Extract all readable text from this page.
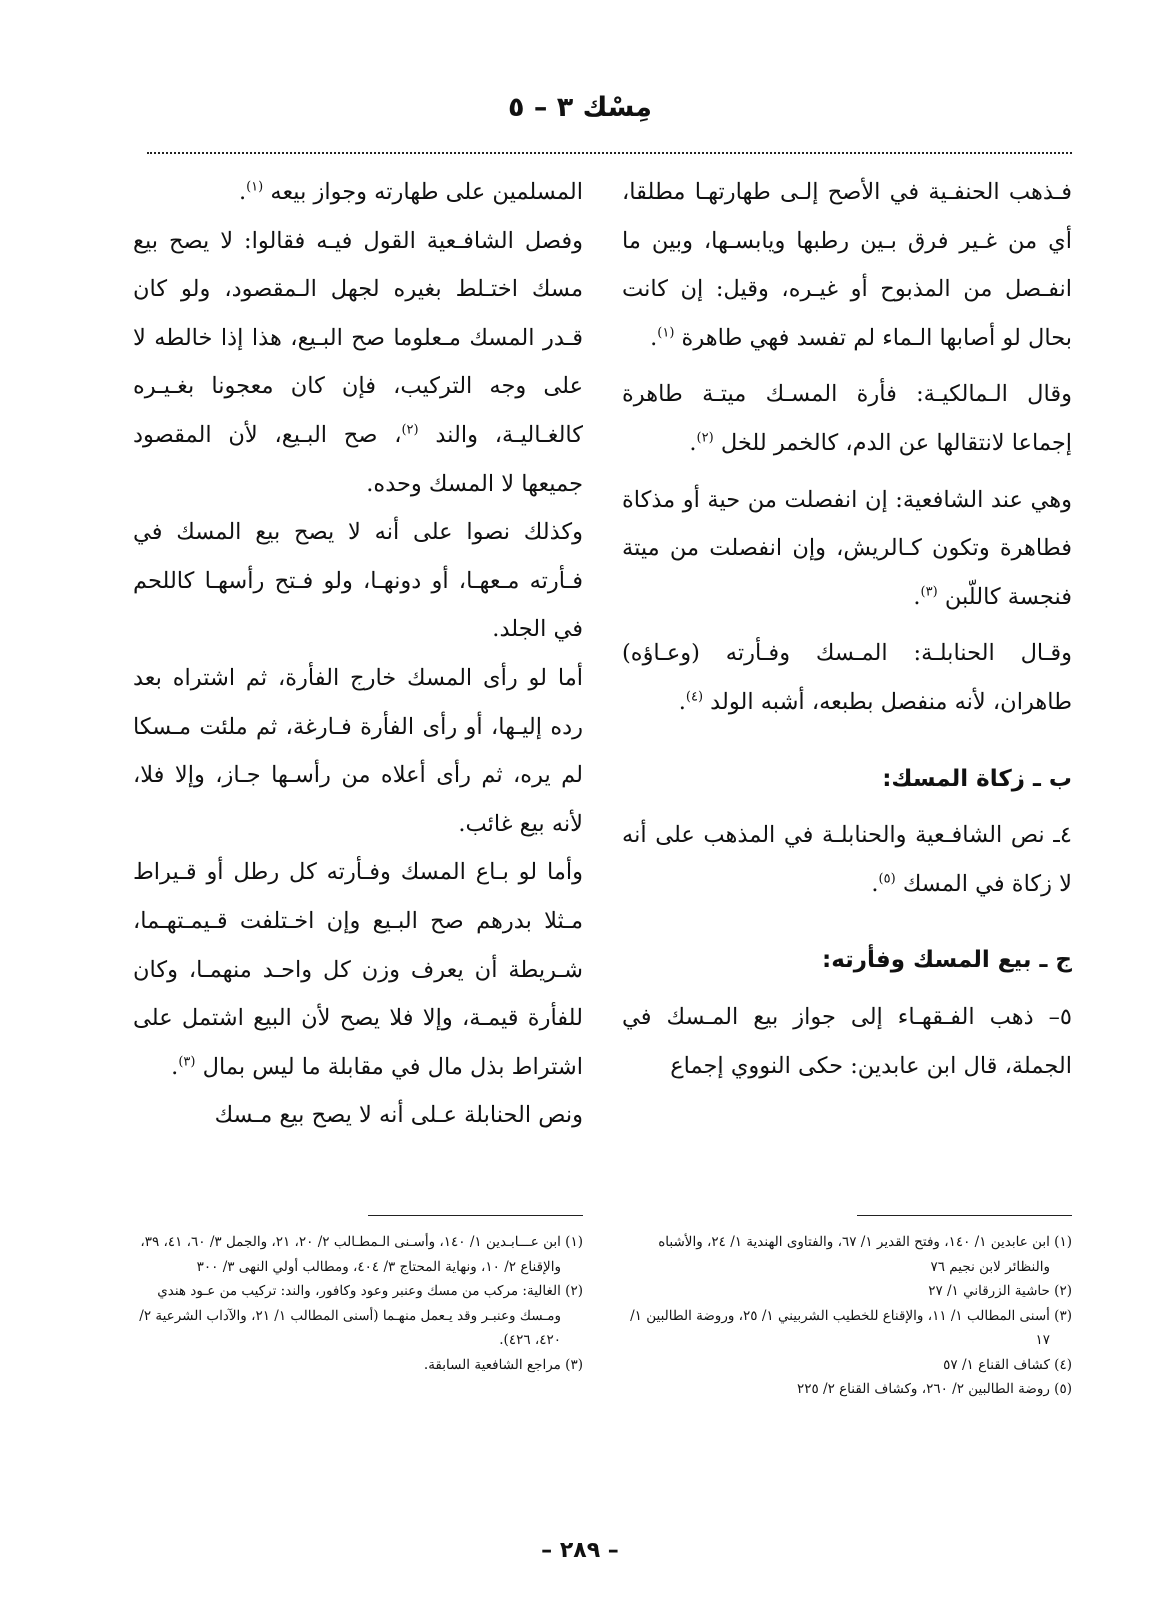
مِسْك ٣ – ٥

فـذهب الحنفـية في الأصح إلـى طهارتهـا مطلقا، أي من غـير فرق بـين رطبها ويابسـها، وبين ما انفـصل من المذبوح أو غيـره، وقيل: إن كانت بحال لو أصابها الـماء لم تفسد فهي طاهرة $^{(١)}$.

وقال الـمالكيـة: فأرة المسـك ميتـة طاهرة إجماعا لانتقالها عن الدم، كالخمر للخل $^{(٢)}$.

وهي عند الشافعية: إن انفصلت من حية أو مذكاة فطاهرة وتكون كـالريش، وإن انفصلت من ميتة فنجسة كاللّبن $^{(٣)}$.

وقـال الحنابلـة: المـسك وفـأرته (وعـاؤه) طاهران، لأنه منفصل بطبعه، أشبه الولد $^{(٤)}$.

ب ـ زكاة المسك:

٤ـ نص الشافـعية والحنابلـة في المذهب على أنه لا زكاة في المسك $^{(٥)}$.

ج ـ بيع المسك وفأرته:

٥– ذهب الفـقهـاء إلى جواز بيع المـسك في الجملة، قال ابن عابدين: حكى النووي إجماع

المسلمين على طهارته وجواز بيعه $^{(١)}$.

وفصل الشافـعية القول فيـه فقالوا: لا يصح بيع مسك اختـلط بغيره لجهل الـمقصود، ولو كان قـدر المسك مـعلوما صح البـيع، هذا إذا خالطه لا على وجه التركيب، فإن كان معجونا بغـيـره كالغـاليـة، والند $^{(٢)}$، صح البـيع، لأن المقصود جميعها لا المسك وحده.

وكذلك نصوا على أنه لا يصح بيع المسك في فـأرته مـعهـا، أو دونهـا، ولو فـتح رأسهـا كاللحم في الجلد.

أما لو رأى المسك خارج الفأرة، ثم اشتراه بعد رده إليـها، أو رأى الفأرة فـارغة، ثم ملئت مـسكا لم يره، ثم رأى أعلاه من رأسـها جـاز، وإلا فلا، لأنه بيع غائب.

وأما لو بـاع المسك وفـأرته كل رطل أو قـيراط مـثلا بدرهم صح البـيع وإن اخـتلفت قـيمـتهـما، شـريطة أن يعرف وزن كل واحـد منهمـا، وكان للفأرة قيمـة، وإلا فلا يصح لأن البيع اشتمل على اشتراط بذل مال في مقابلة ما ليس بمال $^{(٣)}$.

ونص الحنابلة عـلى أنه لا يصح بيع مـسك

(١) ابن عابدين ١/ ١٤٠، وفتح القدير ١/ ٦٧، والفتاوى الهندية ١/ ٢٤، والأشباه والنظائر لابن نجيم ٧٦

(٢) حاشية الزرقاني ١/ ٢٧

(٣) أسنى المطالب ١/ ١١، والإقناع للخطيب الشربيني ١/ ٢٥، وروضة الطالبين ١/ ١٧

(٤) كشاف القناع ١/ ٥٧

(٥) روضة الطالبين ٢/ ٢٦٠، وكشاف القناع ٢/ ٢٢٥

(١) ابن عـــابـدين ١/ ١٤٠، وأسـنى الـمطـالب ٢/ ٢٠، ٢١، والجمل ٣/ ٦٠، ٤١، ٣٩، والإقناع ٢/ ١٠، ونهاية المحتاج ٣/ ٤٠٤، ومطالب أولي النهى ٣/ ٣٠٠

(٢) الغالية: مركب من مسك وعنبر وعود وكافور، والند: تركيب من عـود هندي ومـسك وعنبـر وقد يـعمل منهـما (أسنى المطالب ١/ ٢١، والآداب الشرعية ٢/ ٤٢٠، ٤٢٦).

(٣) مراجع الشافعية السابقة.

– ٢٨٩ –
